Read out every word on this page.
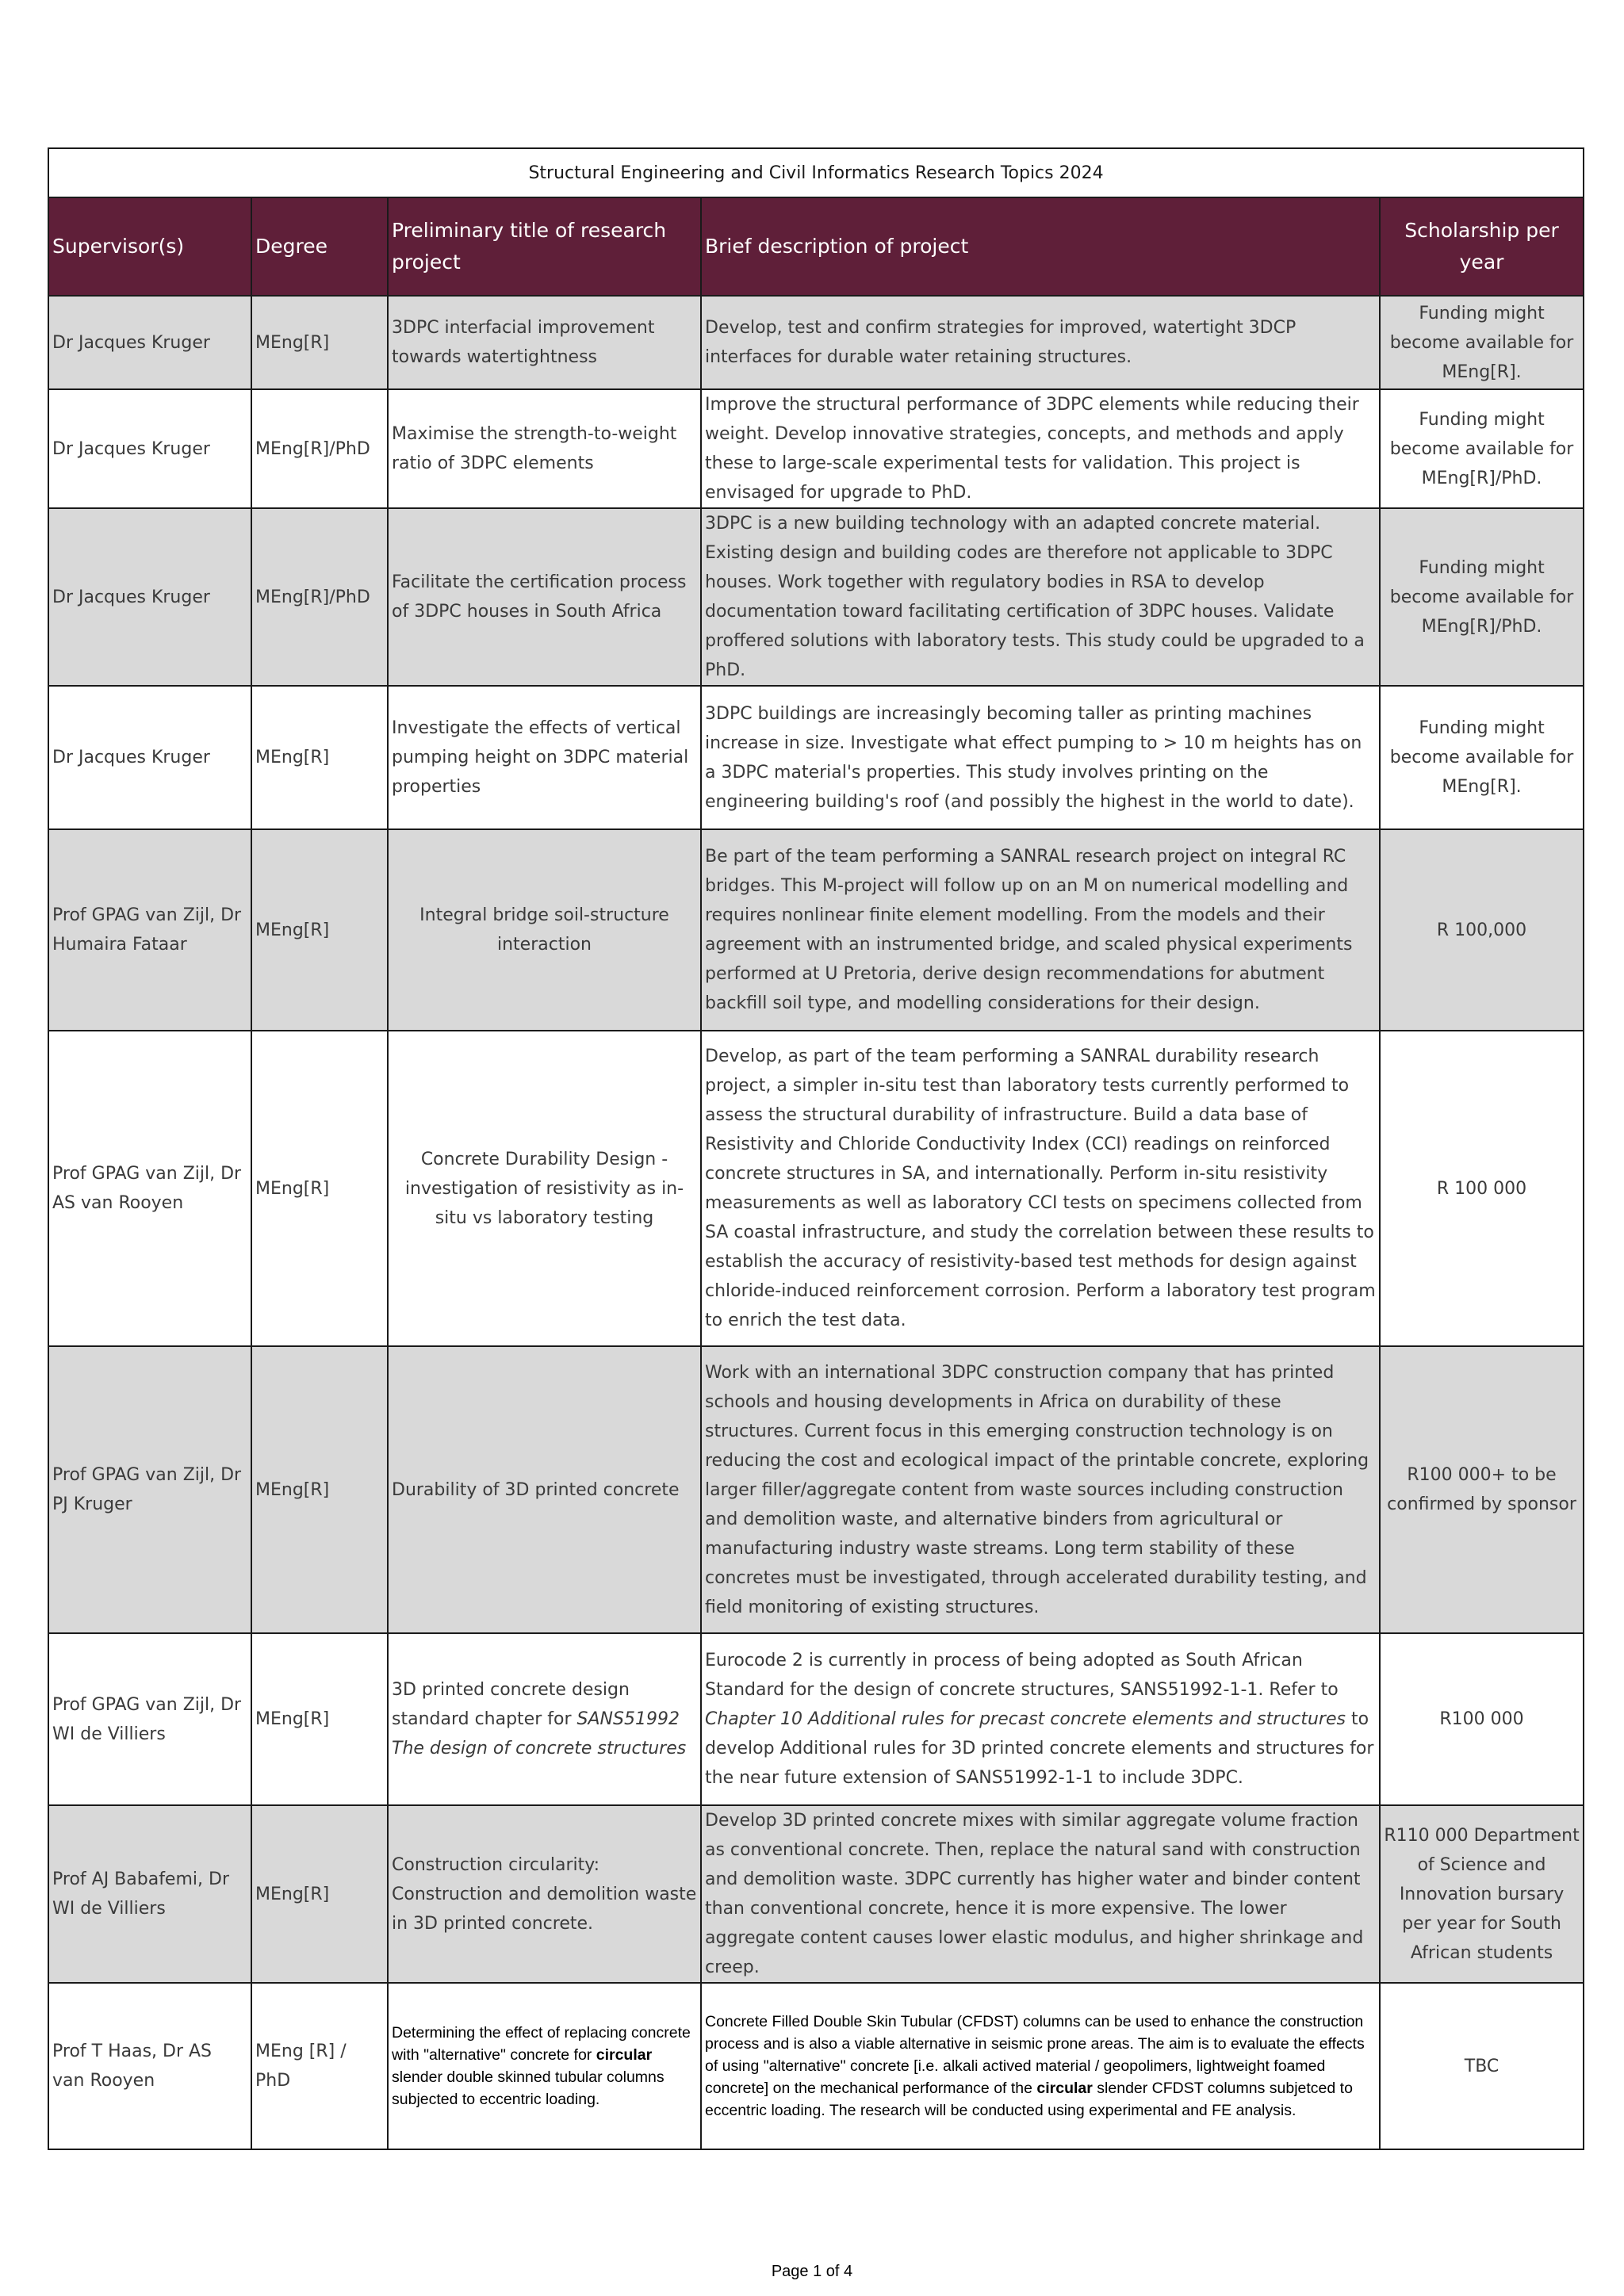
Structural Engineering and Civil Informatics Research Topics 2024				
Supervisor(s)	Degree	Preliminary title of research project	Brief description of project	Scholarship per year
Dr Jacques Kruger	MEng[R]	3DPC interfacial improvement towards watertightness	Develop, test and confirm strategies for improved, watertight 3DCP interfaces for durable water retaining structures.	Funding might become available for MEng[R].
Dr Jacques Kruger	MEng[R]/PhD	Maximise the strength-to-weight ratio of 3DPC elements	Improve the structural performance of 3DPC elements while reducing their weight. Develop innovative strategies, concepts, and methods and apply these to large-scale experimental tests for validation. This project is envisaged for upgrade to PhD.	Funding might become available for MEng[R]/PhD.
Dr Jacques Kruger	MEng[R]/PhD	Facilitate the certification process of 3DPC houses in South Africa	3DPC is a new building technology with an adapted concrete material. Existing design and building codes are therefore not applicable to 3DPC houses. Work together with regulatory bodies in RSA to develop documentation toward facilitating certification of 3DPC houses. Validate proffered solutions with laboratory tests. This study could be upgraded to a PhD.	Funding might become available for MEng[R]/PhD.
Dr Jacques Kruger	MEng[R]	Investigate the effects of vertical pumping height on 3DPC material properties	3DPC buildings are increasingly becoming taller as printing machines increase in size. Investigate what effect pumping to > 10 m heights has on a 3DPC material's properties. This study involves printing on the engineering building's roof (and possibly the highest in the world to date).	Funding might become available for MEng[R].
Prof GPAG van Zijl, Dr Humaira Fataar	MEng[R]	Integral bridge soil-structure interaction	Be part of the team performing a SANRAL research project on integral RC bridges. This M-project will follow up on an M on numerical modelling and requires nonlinear finite element modelling. From the models and their agreement with an instrumented bridge, and scaled physical experiments performed at U Pretoria, derive design recommendations for abutment backfill soil type, and modelling considerations for their design.	R 100,000
Prof GPAG van Zijl, Dr AS van Rooyen	MEng[R]	Concrete Durability Design - investigation of resistivity as in-situ vs laboratory testing	Develop, as part of the team performing a SANRAL durability research project, a simpler in-situ test than laboratory tests currently performed to assess the structural durability of infrastructure. Build a data base of Resistivity and Chloride Conductivity Index (CCI) readings on reinforced concrete structures in SA, and internationally. Perform in-situ resistivity measurements as well as laboratory CCI tests on specimens collected from SA coastal infrastructure, and study the correlation between these results to establish the accuracy of resistivity-based test methods for design against chloride-induced reinforcement corrosion. Perform a laboratory test program to enrich the test data.	R 100 000
Prof GPAG van Zijl, Dr PJ Kruger	MEng[R]	Durability of 3D printed concrete	Work with an international 3DPC construction company that has printed schools and housing developments in Africa on durability of these structures. Current focus in this emerging construction technology is on reducing the cost and ecological impact of the printable concrete, exploring larger filler/aggregate content from waste sources including construction and demolition waste, and alternative binders from agricultural or manufacturing industry waste streams. Long term stability of these concretes must be investigated, through accelerated durability testing, and field monitoring of existing structures.	R100 000+ to be confirmed by sponsor
Prof GPAG van Zijl, Dr WI de Villiers	MEng[R]	3D printed concrete design standard chapter for SANS51992 The design of concrete structures	Eurocode 2 is currently in process of being adopted as South African Standard for the design of concrete structures, SANS51992-1-1. Refer to Chapter 10 Additional rules for precast concrete elements and structures to develop Additional rules for 3D printed concrete elements and structures for the near future extension of SANS51992-1-1 to include 3DPC.	R100 000
Prof AJ Babafemi, Dr WI de Villiers	MEng[R]	Construction circularity: Construction and demolition waste in 3D printed concrete.	Develop 3D printed concrete mixes with similar aggregate volume fraction as conventional concrete. Then, replace the natural sand with construction and demolition waste. 3DPC currently has higher water and binder content than conventional concrete, hence it is more expensive. The lower aggregate content causes lower elastic modulus, and higher shrinkage and creep.	R110 000 Department of Science and Innovation bursary per year for South African students
Prof T Haas, Dr AS van Rooyen	MEng [R] / PhD	Determining the effect of replacing concrete with "alternative" concrete for circular slender double skinned tubular columns subjected to eccentric loading.	Concrete Filled Double Skin Tubular (CFDST) columns can be used to enhance the construction process and is also a viable alternative in seismic prone areas. The aim is to evaluate the effects of using "alternative" concrete [i.e. alkali actived material / geopolimers, lightweight foamed concrete] on the mechanical performance of the circular slender CFDST columns subjetced to eccentric loading. The research will be conducted using experimental and FE analysis.	TBC
Page 1 of 4
